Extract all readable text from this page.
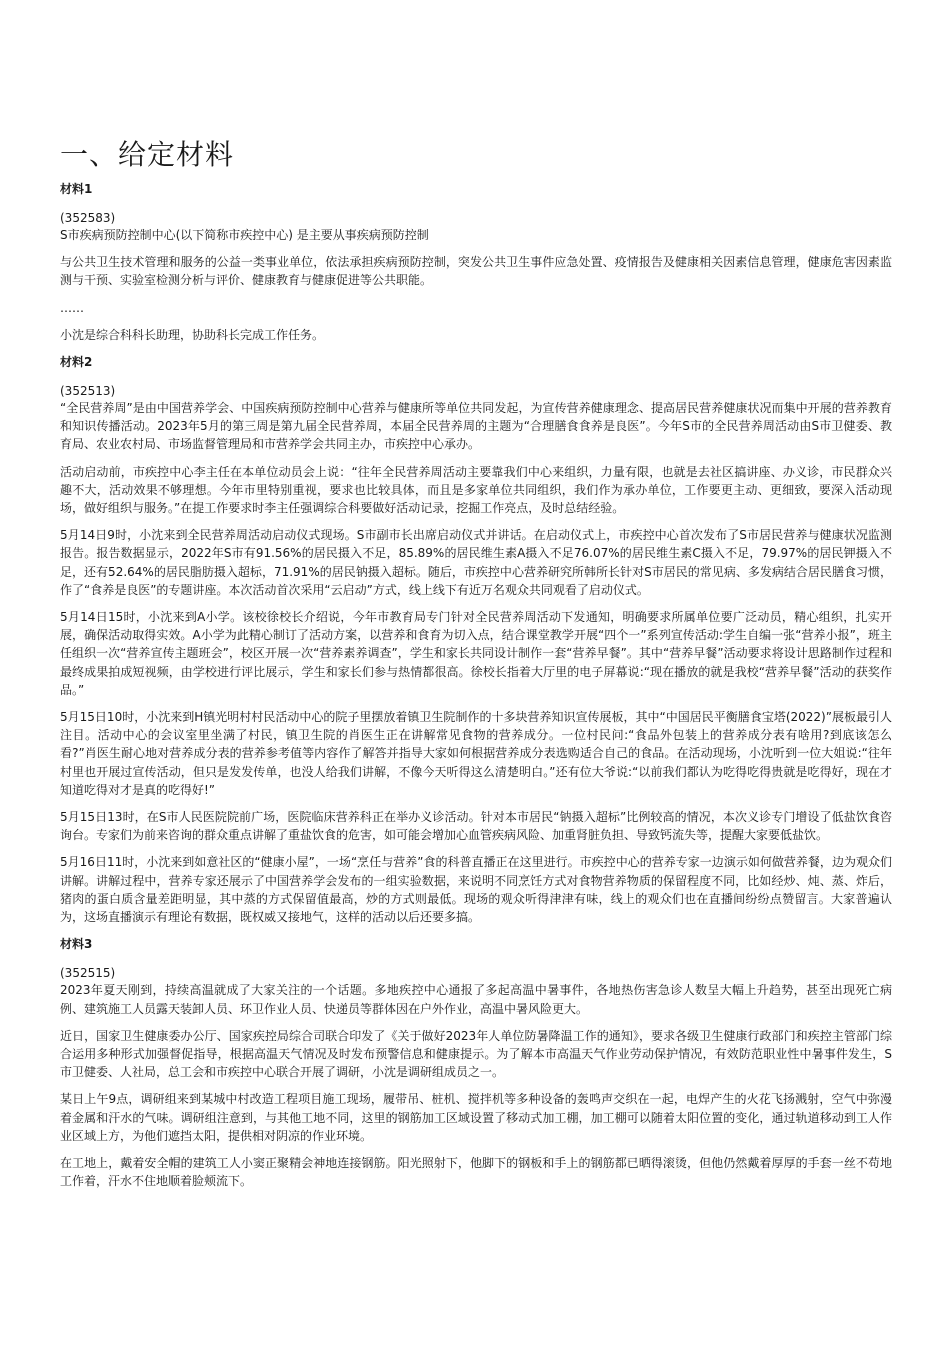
一、给定材料
材料1
(352583)

S市疾病预防控制中心(以下简称市疾控中心) 是主要从事疾病预防控制

与公共卫生技术管理和服务的公益一类事业单位，依法承担疾病预防控制，突发公共卫生事件应急处置、疫情报告及健康相关因素信息管理，健康危害因素监测与干预、实验室检测分析与评价、健康教育与健康促进等公共职能。

……

小沈是综合科科长助理，协助科长完成工作任务。

材料2
(352513)

“全民营养周”是由中国营养学会、中国疾病预防控制中心营养与健康所等单位共同发起，为宣传营养健康理念、提高居民营养健康状况而集中开展的营养教育和知识传播活动。2023年5月的第三周是第九届全民营养周，本届全民营养周的主题为“合理膳食食养是良医”。今年S市的全民营养周活动由S市卫健委、教育局、农业农村局、市场监督管理局和市营养学会共同主办，市疾控中心承办。

活动启动前，市疾控中心李主任在本单位动员会上说：“往年全民营养周活动主要靠我们中心来组织，力量有限，也就是去社区搞讲座、办义诊，市民群众兴趣不大，活动效果不够理想。今年市里特别重视，要求也比较具体，而且是多家单位共同组织，我们作为承办单位，工作要更主动、更细致，要深入活动现场，做好组织与服务。”在提工作要求时李主任强调综合科要做好活动记录，挖掘工作亮点，及时总结经验。

5月14日9时，小沈来到全民营养周活动启动仪式现场。S市副市长出席启动仪式并讲话。在启动仪式上，市疾控中心首次发布了S市居民营养与健康状况监测报告。报告数据显示，2022年S市有91.56%的居民摄入不足，85.89%的居民维生素A摄入不足76.07%的居民维生素C摄入不足，79.97%的居民钾摄入不足，还有52.64%的居民脂肪摄入超标，71.91%的居民钠摄入超标。随后，市疾控中心营养研究所韩所长针对S市居民的常见病、多发病结合居民膳食习惯，作了“食养是良医”的专题讲座。本次活动首次采用“云启动”方式，线上线下有近万名观众共同观看了启动仪式。

5月14日15时，小沈来到A小学。该校徐校长介绍说，今年市教育局专门针对全民营养周活动下发通知，明确要求所属单位要广泛动员，精心组织，扎实开展，确保活动取得实效。A小学为此精心制订了活动方案，以营养和食育为切入点，结合课堂教学开展“四个一”系列宣传活动:学生自编一张“营养小报”，班主任组织一次“营养宣传主题班会”，校区开展一次“营养素养调查”，学生和家长共同设计制作一套“营养早餐”。其中“营养早餐”活动要求将设计思路制作过程和最终成果拍成短视频，由学校进行评比展示，学生和家长们参与热情都很高。徐校长指着大厅里的电子屏幕说:“现在播放的就是我校“营养早餐”活动的获奖作品。”

5月15日10时，小沈来到H镇光明村村民活动中心的院子里摆放着镇卫生院制作的十多块营养知识宣传展板，其中“中国居民平衡膳食宝塔(2022)”展板最引人注目。活动中心的会议室里坐满了村民，镇卫生院的肖医生正在讲解常见食物的营养成分。一位村民问:“食品外包装上的营养成分表有啥用?到底该怎么看?”肖医生耐心地对营养成分表的营养参考值等内容作了解答并指导大家如何根据营养成分表选购适合自己的食品。在活动现场，小沈听到一位大姐说:“往年村里也开展过宣传活动，但只是发发传单，也没人给我们讲解，不像今天听得这么清楚明白。”还有位大爷说:“以前我们都认为吃得吃得贵就是吃得好，现在才知道吃得对才是真的吃得好!”

5月15日13时，在S市人民医院院前广场，医院临床营养科正在举办义诊活动。针对本市居民“钠摄入超标”比例较高的情况，本次义诊专门增设了低盐饮食咨询台。专家们为前来咨询的群众重点讲解了重盐饮食的危害，如可能会增加心血管疾病风险、加重肾脏负担、导致钙流失等，提醒大家要低盐饮。

5月16日11时，小沈来到如意社区的“健康小屋”，一场“烹任与营养”食的科普直播正在这里进行。市疾控中心的营养专家一边演示如何做营养餐，边为观众们讲解。讲解过程中，营养专家还展示了中国营养学会发布的一组实验数据，来说明不同烹饪方式对食物营养物质的保留程度不同，比如经炒、炖、蒸、炸后，猪肉的蛋白质含量差距明显，其中蒸的方式保留值最高，炒的方式则最低。现场的观众听得津津有味，线上的观众们也在直播间纷纷点赞留言。大家普遍认为，这场直播演示有理论有数据，既权威又接地气，这样的活动以后还要多搞。

材料3
(352515)

2023年夏天刚到，持续高温就成了大家关注的一个话题。多地疾控中心通报了多起高温中暑事件，各地热伤害急诊人数呈大幅上升趋势，甚至出现死亡病例、建筑施工人员露天装卸人员、环卫作业人员、快递员等群体因在户外作业，高温中暑风险更大。

近日，国家卫生健康委办公厅、国家疾控局综合司联合印发了《关于做好2023年人单位防暑降温工作的通知》，要求各级卫生健康行政部门和疾控主管部门综合运用多种形式加强督促指导，根据高温天气情况及时发布预警信息和健康提示。为了解本市高温天气作业劳动保护情况，有效防范职业性中暑事件发生，S市卫健委、人社局，总工会和市疾控中心联合开展了调研，小沈是调研组成员之一。

某日上午9点，调研组来到某城中村改造工程项目施工现场，履带吊、桩机、搅拌机等多种设备的轰鸣声交织在一起，电焊产生的火花飞扬溅射，空气中弥漫着金属和汗水的气味。调研组注意到，与其他工地不同，这里的钢筋加工区域设置了移动式加工棚，加工棚可以随着太阳位置的变化，通过轨道移动到工人作业区域上方，为他们遮挡太阳，提供相对阴凉的作业环境。

在工地上，戴着安全帽的建筑工人小窦正聚精会神地连接钢筋。阳光照射下，他脚下的钢板和手上的钢筋都已晒得滚烫，但他仍然戴着厚厚的手套一丝不苟地工作着，汗水不住地顺着脸颊流下。
